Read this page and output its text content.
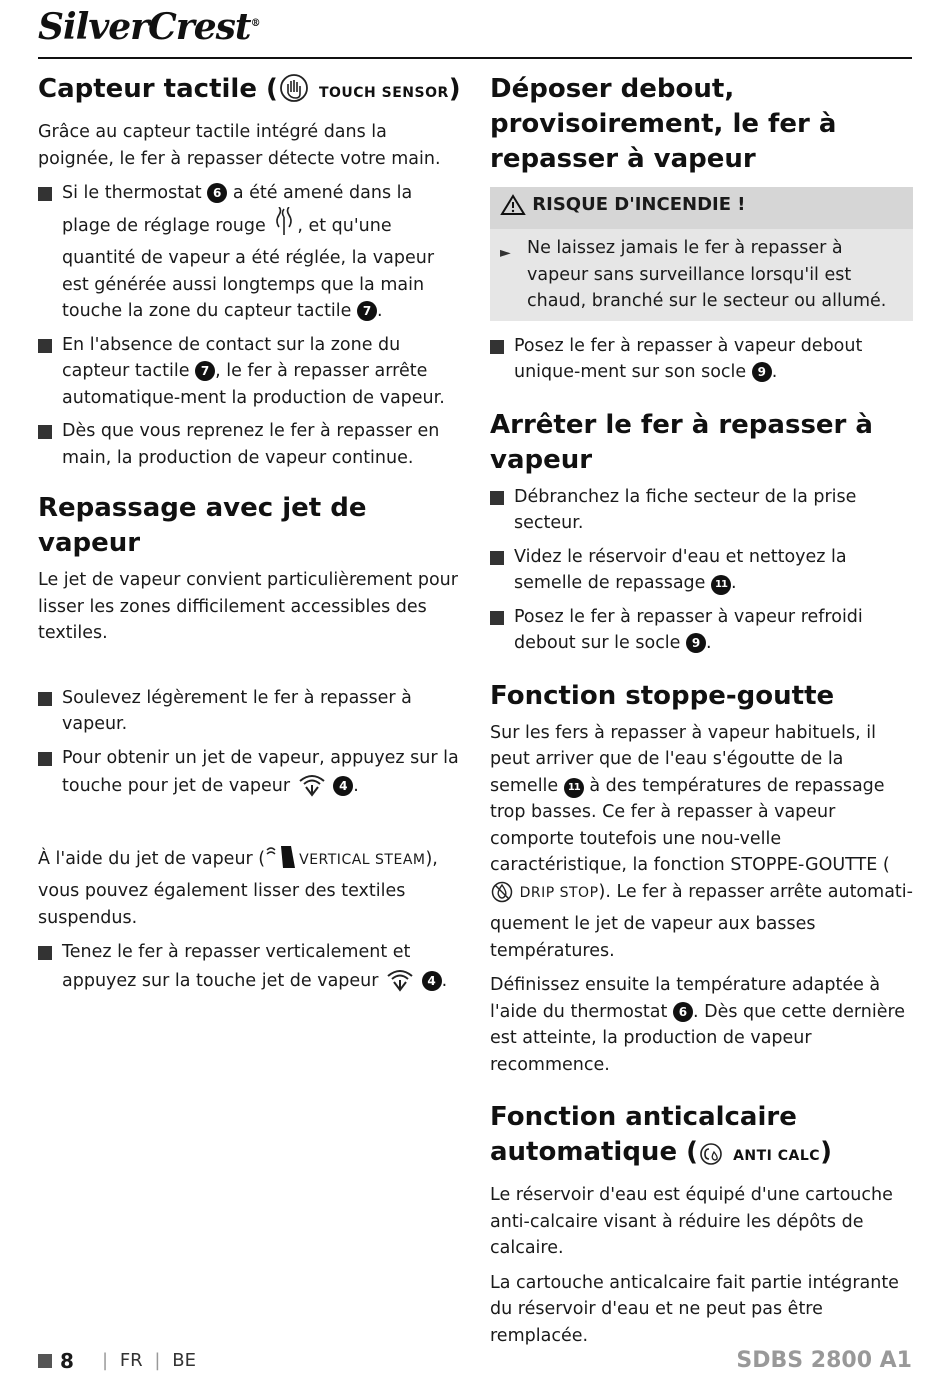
SilverCrest®
Capteur tactile (	TOUCH SENSOR)

Grâce au capteur tactile intégré dans la poignée, le fer à repasser détecte votre main.

Si le thermostat 6 a été amené dans la plage de réglage rouge , et qu'une quantité de vapeur a été réglée, la vapeur est générée aussi longtemps que la main touche la zone du capteur tactile 7 .
En l'absence de contact sur la zone du capteur tactile 7 , le fer à repasser arrête automatique-ment la production de vapeur.
Dès que vous reprenez le fer à repasser en main, la production de vapeur continue.
Repassage avec jet de vapeur

Le jet de vapeur convient particulièrement pour lisser les zones difficilement accessibles des textiles.

Soulevez légèrement le fer à repasser à vapeur.
Pour obtenir un jet de vapeur, appuyez sur la touche pour jet de vapeur	4 .

À l'aide du jet de vapeur ( VERTICAL STEAM), vous pouvez également lisser des textiles suspendus.

Tenez le fer à repasser verticalement et appuyez sur la touche jet de vapeur	4 .
Déposer debout, provisoirement, le fer à repasser à vapeur
RISQUE D'INCENDIE !
► Ne laissez jamais le fer à repasser à vapeur sans surveillance lorsqu'il est chaud, branché sur le secteur ou allumé.
Posez le fer à repasser à vapeur debout unique-ment sur son socle 9 .
Arrêter le fer à repasser à vapeur
Débranchez la fiche secteur de la prise secteur.
Videz le réservoir d'eau et nettoyez la semelle de repassage 11 .
Posez le fer à repasser à vapeur refroidi debout sur le socle 9 .
Fonction stoppe-goutte

Sur les fers à repasser à vapeur habituels, il peut arriver que de l'eau s'égoutte de la semelle 11 à des températures de repassage trop basses. Ce fer à repasser à vapeur comporte toutefois une nou-velle caractéristique, la fonction STOPPE-GOUTTE ( DRIP STOP). Le fer à repasser arrête automati-quement le jet de vapeur aux basses températures.

Définissez ensuite la température adaptée à l'aide du thermostat 6 . Dès que cette dernière est atteinte, la production de vapeur recommence.

Fonction anticalcaire automatique (	ANTI CALC)

Le réservoir d'eau est équipé d'une cartouche anti-calcaire visant à réduire les dépôts de calcaire.

La cartouche anticalcaire fait partie intégrante du réservoir d'eau et ne peut pas être remplacée.

8	| FR | BE	SDBS 2800 A1
